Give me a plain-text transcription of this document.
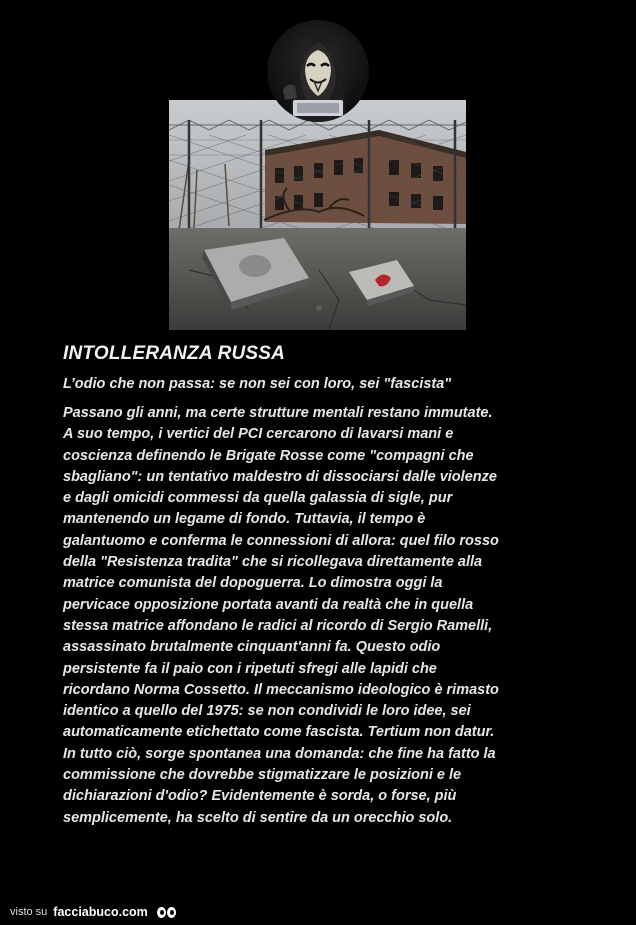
INTOLLERANZA RUSSA
L’odio che non passa: se non sei con loro, sei "fascista"

Passano gli anni, ma certe strutture mentali restano immutate.
A suo tempo, i vertici del PCI cercarono di lavarsi mani e
coscienza definendo le Brigate Rosse come "compagni che
sbagliano": un tentativo maldestro di dissociarsi dalle violenze
e dagli omicidi commessi da quella galassia di sigle, pur
mantenendo un legame di fondo. Tuttavia, il tempo è
galantuomo e conferma le connessioni di allora: quel filo rosso
della "Resistenza tradita" che si ricollegava direttamente alla
matrice comunista del dopoguerra. Lo dimostra oggi la
pervicace opposizione portata avanti da realtà che in quella
stessa matrice affondano le radici al ricordo di Sergio Ramelli,
assassinato brutalmente cinquant'anni fa. Questo odio
persistente fa il paio con i ripetuti sfregi alle lapidi che
ricordano Norma Cossetto. Il meccanismo ideologico è rimasto
identico a quello del 1975: se non condividi le loro idee, sei
automaticamente etichettato come fascista. Tertium non datur.
In tutto ciò, sorge spontanea una domanda: che fine ha fatto la
commissione che dovrebbe stigmatizzare le posizioni e le
dichiarazioni d'odio? Evidentemente è sorda, o forse, più
semplicemente, ha scelto di sentire da un orecchio solo.

visto su facciabuco.com
